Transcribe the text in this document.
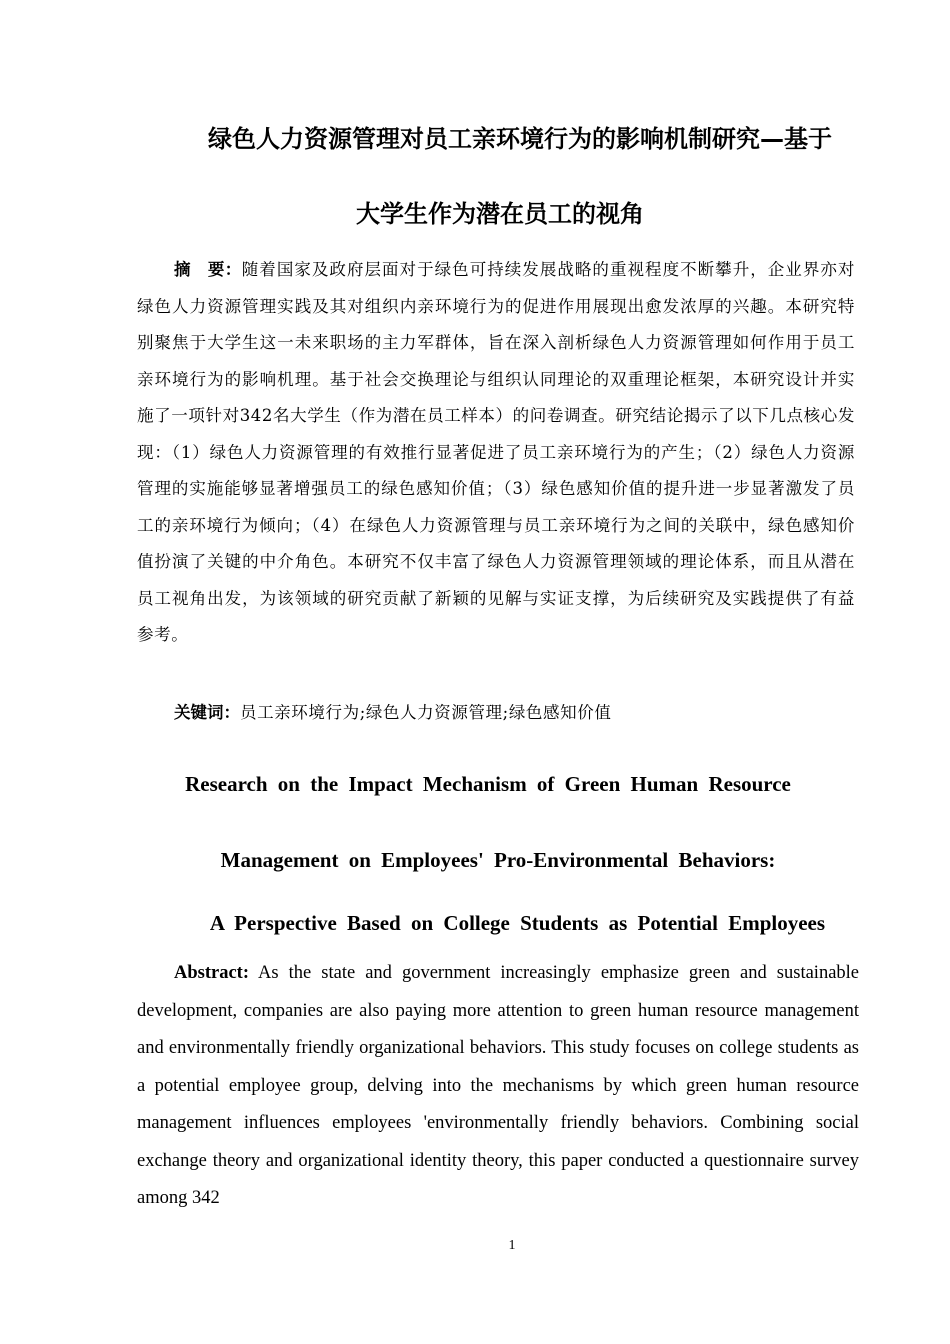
绿色人力资源管理对员工亲环境行为的影响机制研究—基于
大学生作为潜在员工的视角
摘　要：随着国家及政府层面对于绿色可持续发展战略的重视程度不断攀升，企业界亦对绿色人力资源管理实践及其对组织内亲环境行为的促进作用展现出愈发浓厚的兴趣。本研究特别聚焦于大学生这一未来职场的主力军群体，旨在深入剖析绿色人力资源管理如何作用于员工亲环境行为的影响机理。基于社会交换理论与组织认同理论的双重理论框架，本研究设计并实施了一项针对342名大学生（作为潜在员工样本）的问卷调查。研究结论揭示了以下几点核心发现：（1）绿色人力资源管理的有效推行显著促进了员工亲环境行为的产生；（2）绿色人力资源管理的实施能够显著增强员工的绿色感知价值；（3）绿色感知价值的提升进一步显著激发了员工的亲环境行为倾向；（4）在绿色人力资源管理与员工亲环境行为之间的关联中，绿色感知价值扮演了关键的中介角色。本研究不仅丰富了绿色人力资源管理领域的理论体系，而且从潜在员工视角出发，为该领域的研究贡献了新颖的见解与实证支撑，为后续研究及实践提供了有益参考。
关键词：员工亲环境行为;绿色人力资源管理;绿色感知价值
Research on the Impact Mechanism of Green Human Resource
Management on Employees' Pro-Environmental Behaviors:
A Perspective Based on College Students as Potential Employees
Abstract: As the state and government increasingly emphasize green and sustainable development, companies are also paying more attention to green human resource management and environmentally friendly organizational behaviors. This study focuses on college students as a potential employee group, delving into the mechanisms by which green human resource management influences employees 'environmentally friendly behaviors. Combining social exchange theory and organizational identity theory, this paper conducted a questionnaire survey among 342
1
